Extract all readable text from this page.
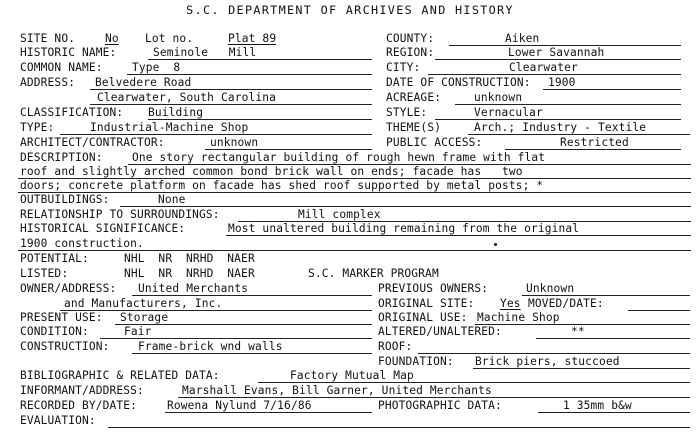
S.C. DEPARTMENT OF ARCHIVES AND HISTORY
SITE NO.	No Lot no.	Plat 89	COUNTY:	Aiken
HISTORIC NAME:	Seminole   Mill	REGION:	Lower Savannah
COMMON NAME:	Type  8	CITY:	Clearwater
ADDRESS: Belvedere Road	DATE OF CONSTRUCTION: 1900
Clearwater, South Carolina	ACREAGE:	unknown
CLASSIFICATION: Building	STYLE:	Vernacular
TYPE:	Industrial-Machine Shop	THEME(S)	Arch.; Industry - Textile
ARCHITECT/CONTRACTOR:	unknown	PUBLIC ACCESS:	Restricted
DESCRIPTION:	One story rectangular building of rough hewn frame with flat
roof and slightly arched common bond brick wall on ends; facade has   two
doors; concrete platform on facade has shed roof supported by metal posts; *
OUTBUILDINGS:	None
RELATIONSHIP TO SURROUNDINGS:	Mill complex
HISTORICAL SIGNIFICANCE:	Most unaltered building remaining from the original
1900 construction.
POTENTIAL:	NHL  NR  NRHD  NAER
LISTED:	NHL  NR  NRHD  NAER	S.C. MARKER PROGRAM
OWNER/ADDRESS: United Merchants	PREVIOUS OWNERS:	Unknown
and Manufacturers, Inc.	ORIGINAL SITE: Yes MOVED/DATE:
PRESENT USE: Storage	ORIGINAL USE: Machine Shop
CONDITION:	Fair	ALTERED/UNALTERED:	**
CONSTRUCTION:	Frame-brick wnd walls	ROOF:
FOUNDATION: Brick piers, stuccoed
BIBLIOGRAPHIC & RELATED DATA:	Factory Mutual Map
INFORMANT/ADDRESS:	Marshall Evans, Bill Garner, United Merchants
RECORDED BY/DATE:	Rowena Nylund 7/16/86	PHOTOGRAPHIC DATA:	1 35mm b&w
EVALUATION:
